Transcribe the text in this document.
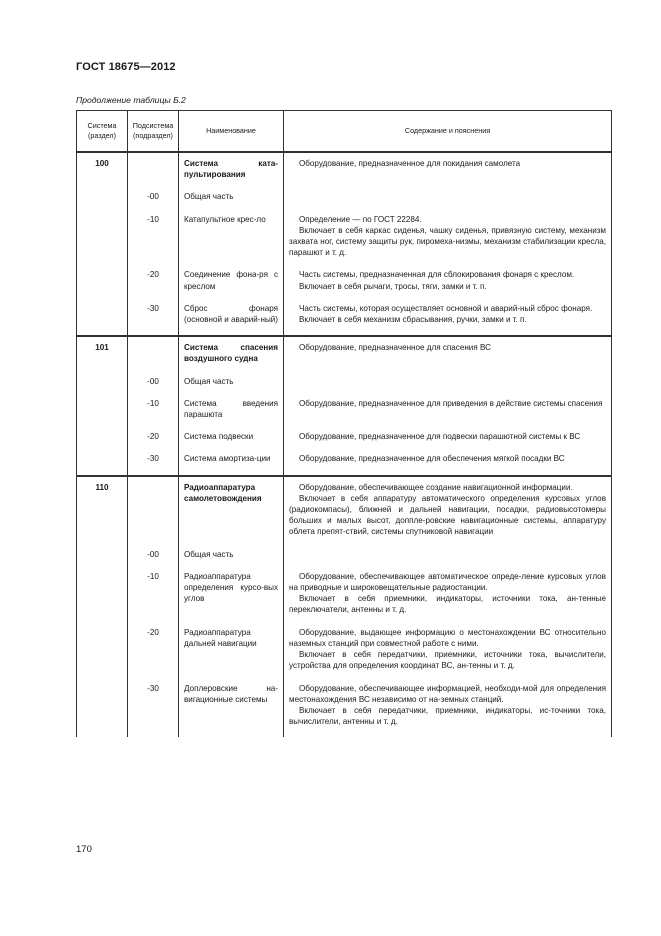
ГОСТ 18675—2012
Продолжение таблицы Б.2
Система (раздел)	Подсистема (подраздел)	Наименование	Содержание и пояснения
100		Система ката-пультирования	Оборудование, предназначенное для покидания самолета

	-00	Общая часть	
	-10	Катапультное крес-ло	Определение — по ГОСТ 22284.
Включает в себя каркас сиденья, чашку сиденья, привязную систему, механизм захвата ног, систему защиты рук, пиромеха-низмы, механизм стабилизации кресла, парашют и т. д.

	-20	Соединение фона-ря с креслом	Часть системы, предназначенная для сблокирования фонаря с креслом.
Включает в себя рычаги, тросы, тяги, замки и т. п.

	-30	Сброс фонаря (основной и аварий-ный)	Часть системы, которая осуществляет основной и аварий-ный сброс фонаря.
Включает в себя механизм сбрасывания, ручки, замки и т. п.

101		Система спасения воздушного судна	Оборудование, предназначенное для спасения ВС

	-00	Общая часть	
	-10	Система введения парашюта	Оборудование, предназначенное для приведения в действие системы спасения

	-20	Система подвески	Оборудование, предназначенное для подвески парашютной системы к ВС

	-30	Система амортиза-ции	Оборудование, предназначенное для обеспечения мягкой посадки ВС

110		Радиоаппаратура самолетовождения	Оборудование, обеспечивающее создание навигационной информации.
Включает в себя аппаратуру автоматического определения курсовых углов (радиокомпасы), ближней и дальней навигации, посадки, радиовысотомеры больших и малых высот, доппле-ровские навигационные системы, аппаратуру облета препят-ствий, системы спутниковой навигации

	-00	Общая часть	
	-10	Радиоаппаратура определения курсо-вых углов	Оборудование, обеспечивающее автоматическое опреде-ление курсовых углов на приводные и широковещательные радиостанции.
Включает в себя приемники, индикаторы, источники тока, ан-тенные переключатели, антенны и т. д.

	-20	Радиоаппаратура дальней навигации	Оборудование, выдающее информацию о местонахождении ВС относительно наземных станций при совместной работе с ними.
Включает в себя передатчики, приемники, источники тока, вычислители, устройства для определения координат ВС, ан-тенны и т. д.

	-30	Доплеровские на-вигационные системы	Оборудование, обеспечивающее информацией, необходи-мой для определения местонахождения ВС независимо от на-земных станций.
Включает в себя передатчики, приемники, индикаторы, ис-точники тока, вычислители, антенны и т. д.
170
